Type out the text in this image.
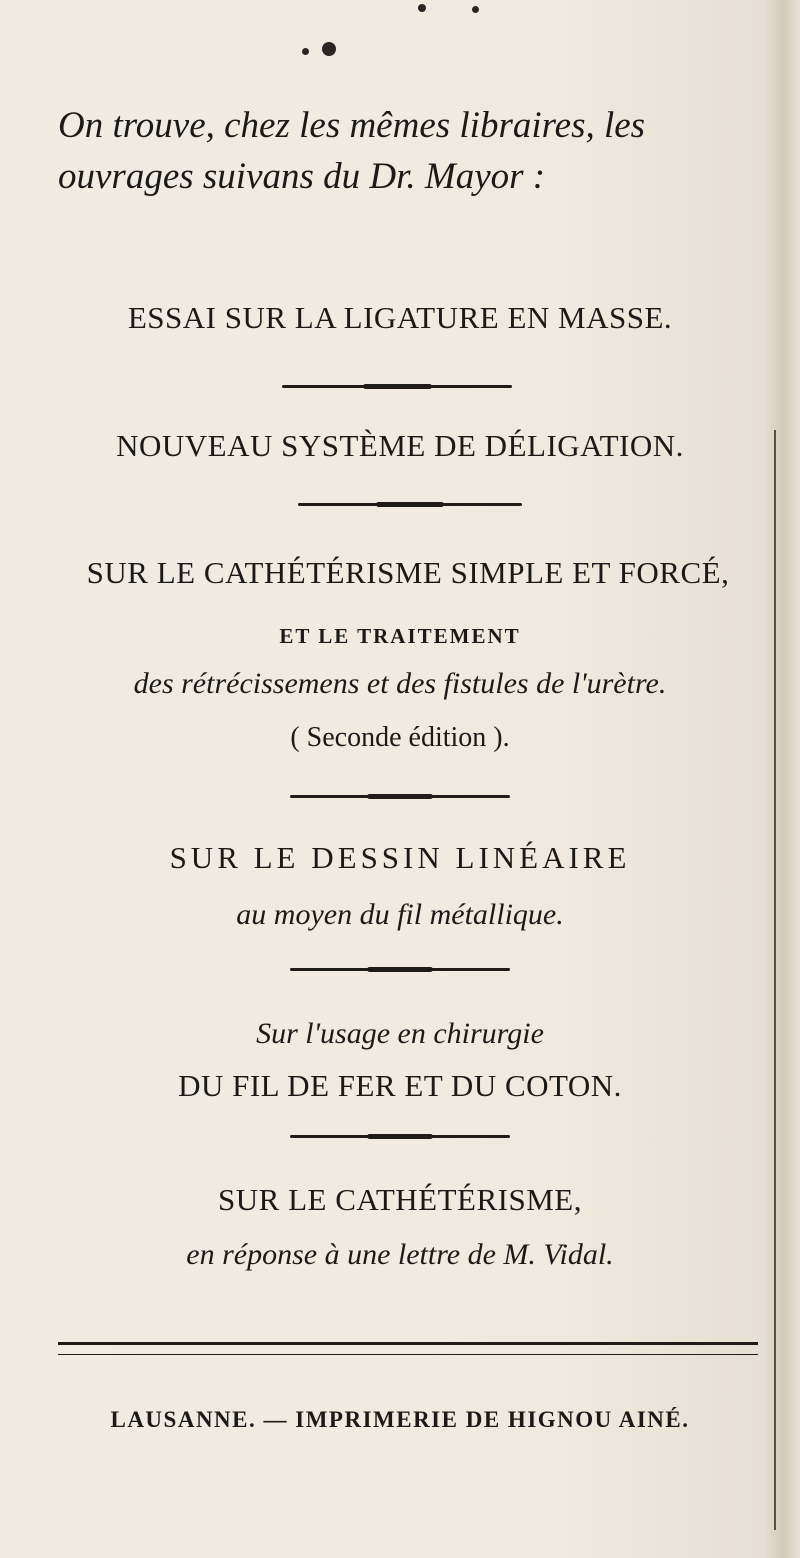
On trouve, chez les mêmes libraires, les
ouvrages suivans du Dr. Mayor :
ESSAI SUR LA LIGATURE EN MASSE.
NOUVEAU SYSTÈME DE DÉLIGATION.
SUR LE CATHÉTÉRISME SIMPLE ET FORCÉ,
ET LE TRAITEMENT
des rétrécissemens et des fistules de l'urètre.
( Seconde édition ).
SUR LE DESSIN LINÉAIRE
au moyen du fil métallique.
Sur l'usage en chirurgie
DU FIL DE FER ET DU COTON.
SUR LE CATHÉTÉRISME,
en réponse à une lettre de M. Vidal.
LAUSANNE. — IMPRIMERIE DE HIGNOU AINÉ.
